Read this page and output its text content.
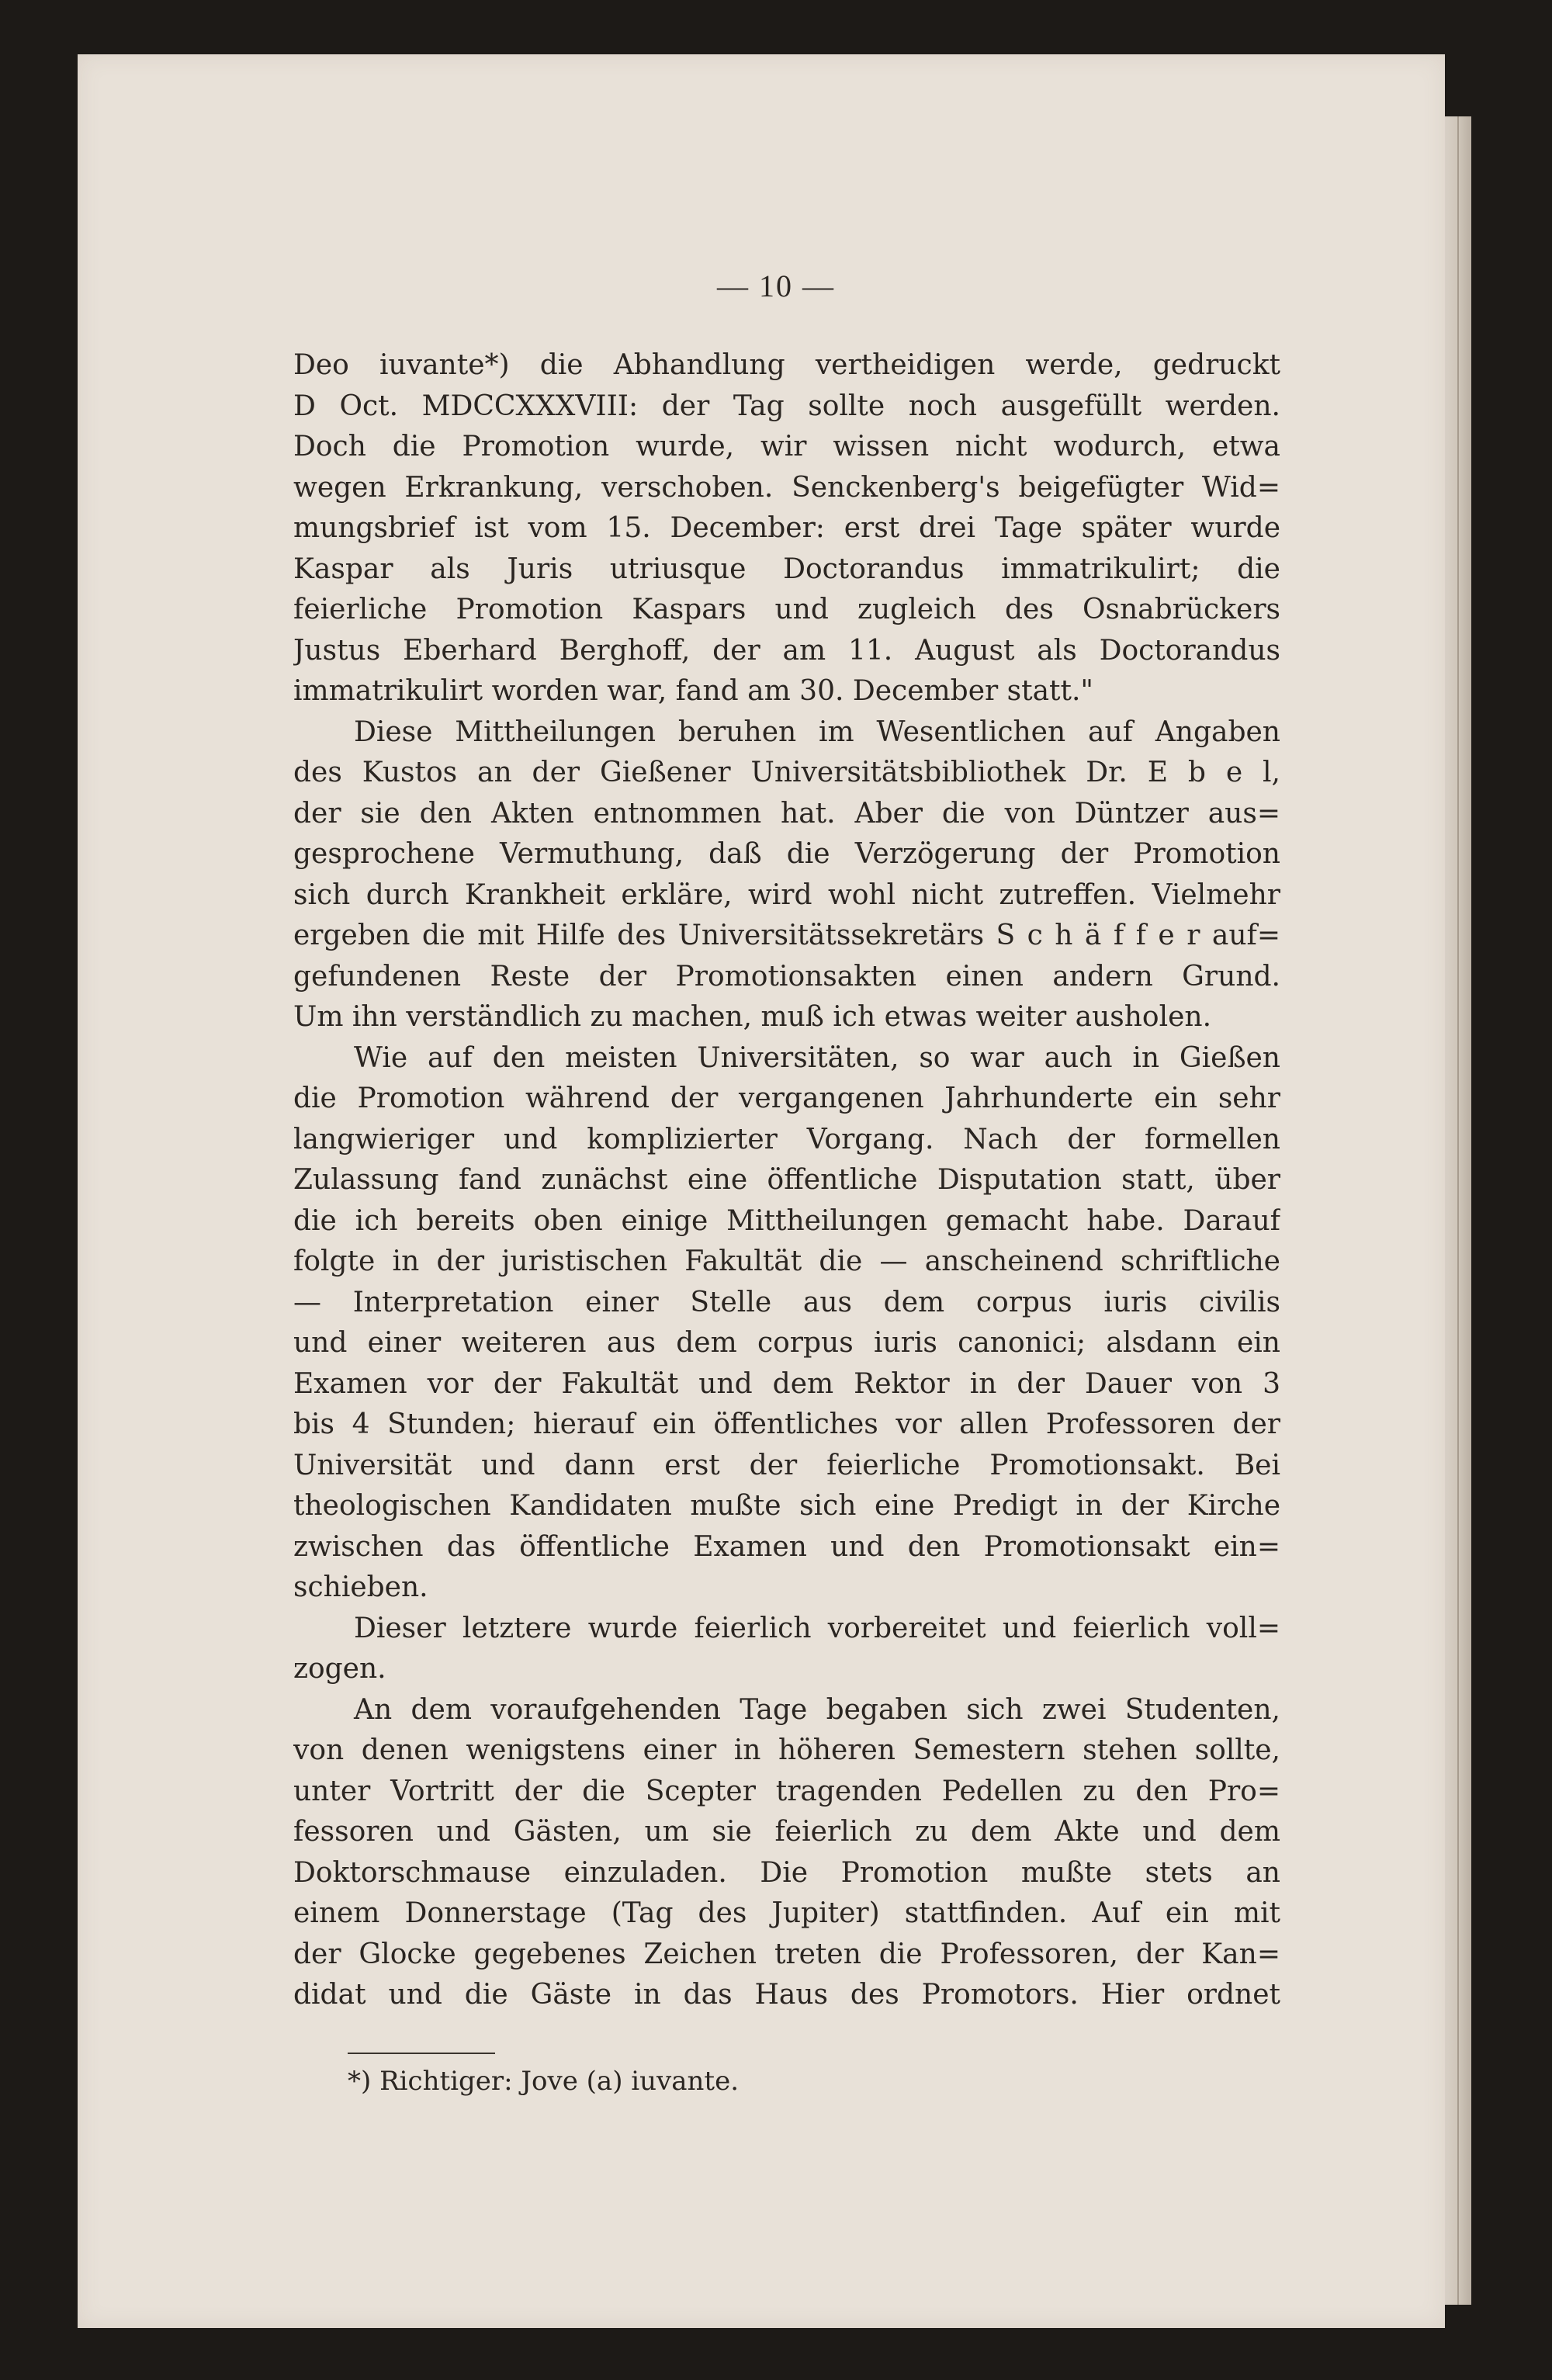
— 10 —
Deo iuvante*) die Abhandlung vertheidigen werde, gedruckt
D Oct. MDCCXXXVIII: der Tag sollte noch ausgefüllt werden.
Doch die Promotion wurde, wir wissen nicht wodurch, etwa
wegen Erkrankung, verschoben. Senckenberg's beigefügter Wid=
mungsbrief ist vom 15. December: erst drei Tage später wurde
Kaspar als Juris utriusque Doctorandus immatrikulirt; die
feierliche Promotion Kaspars und zugleich des Osnabrückers
Justus Eberhard Berghoff, der am 11. August als Doctorandus
immatrikulirt worden war, fand am 30. December statt."
Diese Mittheilungen beruhen im Wesentlichen auf Angaben
des Kustos an der Gießener Universitätsbibliothek Dr. E b e l,
der sie den Akten entnommen hat. Aber die von Düntzer aus=
gesprochene Vermuthung, daß die Verzögerung der Promotion
sich durch Krankheit erkläre, wird wohl nicht zutreffen. Vielmehr
ergeben die mit Hilfe des Universitätssekretärs S c h ä f f e r auf=
gefundenen Reste der Promotionsakten einen andern Grund.
Um ihn verständlich zu machen, muß ich etwas weiter ausholen.
Wie auf den meisten Universitäten, so war auch in Gießen
die Promotion während der vergangenen Jahrhunderte ein sehr
langwieriger und komplizierter Vorgang. Nach der formellen
Zulassung fand zunächst eine öffentliche Disputation statt, über
die ich bereits oben einige Mittheilungen gemacht habe. Darauf
folgte in der juristischen Fakultät die — anscheinend schriftliche
— Interpretation einer Stelle aus dem corpus iuris civilis
und einer weiteren aus dem corpus iuris canonici; alsdann ein
Examen vor der Fakultät und dem Rektor in der Dauer von 3
bis 4 Stunden; hierauf ein öffentliches vor allen Professoren der
Universität und dann erst der feierliche Promotionsakt. Bei
theologischen Kandidaten mußte sich eine Predigt in der Kirche
zwischen das öffentliche Examen und den Promotionsakt ein=
schieben.
Dieser letztere wurde feierlich vorbereitet und feierlich voll=
zogen.
An dem voraufgehenden Tage begaben sich zwei Studenten,
von denen wenigstens einer in höheren Semestern stehen sollte,
unter Vortritt der die Scepter tragenden Pedellen zu den Pro=
fessoren und Gästen, um sie feierlich zu dem Akte und dem
Doktorschmause einzuladen. Die Promotion mußte stets an
einem Donnerstage (Tag des Jupiter) stattfinden. Auf ein mit
der Glocke gegebenes Zeichen treten die Professoren, der Kan=
didat und die Gäste in das Haus des Promotors. Hier ordnet
*) Richtiger: Jove (a) iuvante.
